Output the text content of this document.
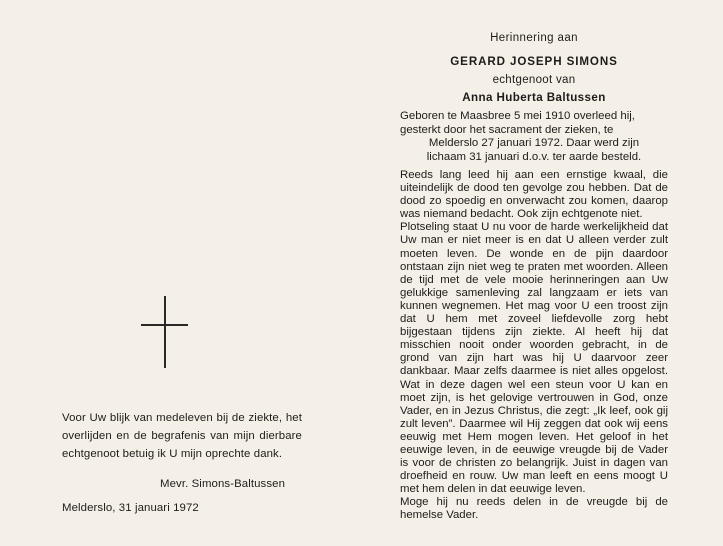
Voor Uw blijk van medeleven bij de ziekte, het overlijden en de begrafenis van mijn dierbare echtgenoot betuig ik U mijn oprechte dank.

Mevr. Simons-Baltussen
Melderslo, 31 januari 1972
Herinnering aan
GERARD JOSEPH SIMONS
echtgenoot van
Anna Huberta Baltussen

Geboren te Maasbree 5 mei 1910 overleed hij,
gesterkt door het sacrament der zieken, te
Melderslo 27 januari 1972. Daar werd zijn
lichaam 31 januari d.o.v. ter aarde besteld.

Reeds lang leed hij aan een ernstige kwaal, die uiteindelijk de dood ten gevolge zou hebben. Dat de dood zo spoedig en onverwacht zou komen, daarop was niemand bedacht. Ook zijn echtgenote niet.

Plotseling staat U nu voor de harde werkelijkheid dat Uw man er niet meer is en dat U alleen verder zult moeten leven. De wonde en de pijn daardoor ontstaan zijn niet weg te praten met woorden. Alleen de tijd met de vele mooie herinneringen aan Uw gelukkige samenleving zal langzaam er iets van kunnen wegnemen. Het mag voor U een troost zijn dat U hem met zoveel liefdevolle zorg hebt bijgestaan tijdens zijn ziekte. Al heeft hij dat misschien nooit onder woorden gebracht, in de grond van zijn hart was hij U daarvoor zeer dankbaar. Maar zelfs daarmee is niet alles opgelost. Wat in deze dagen wel een steun voor U kan en moet zijn, is het gelovige vertrouwen in God, onze Vader, en in Jezus Christus, die zegt: „Ik leef, ook gij zult leven”. Daarmee wil Hij zeggen dat ook wij eens eeuwig met Hem mogen leven. Het geloof in het eeuwige leven, in de eeuwige vreugde bij de Vader is voor de christen zo belangrijk. Juist in dagen van droefheid en rouw. Uw man leeft en eens moogt U met hem delen in dat eeuwige leven.

Moge hij nu reeds delen in de vreugde bij de hemelse Vader.
